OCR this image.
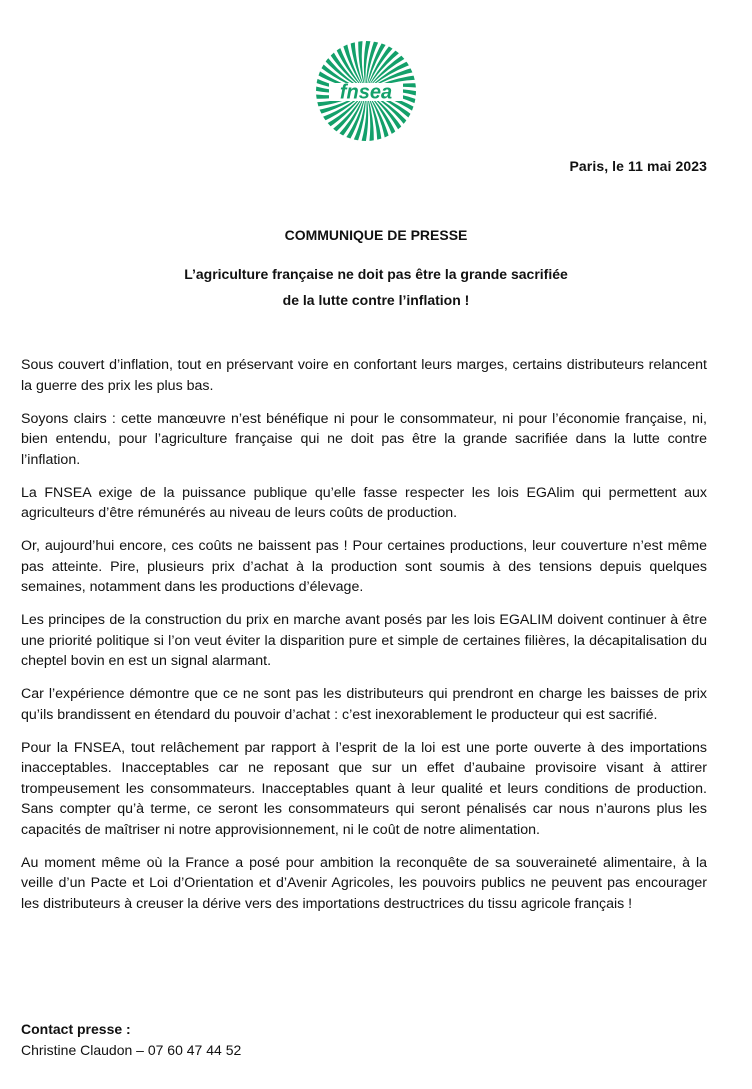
fnsea
Paris, le 11 mai 2023
COMMUNIQUE DE PRESSE
L’agriculture française ne doit pas être la grande sacrifiée
de la lutte contre l’inflation !

Sous couvert d’inflation, tout en préservant voire en confortant leurs marges, certains distributeurs relancent la guerre des prix les plus bas.

Soyons clairs : cette manœuvre n’est bénéfique ni pour le consommateur, ni pour l’économie française, ni, bien entendu, pour l’agriculture française qui ne doit pas être la grande sacrifiée dans la lutte contre l’inflation.

La FNSEA exige de la puissance publique qu’elle fasse respecter les lois EGAlim qui permettent aux agriculteurs d’être rémunérés au niveau de leurs coûts de production.

Or, aujourd’hui encore, ces coûts ne baissent pas ! Pour certaines productions, leur couverture n’est même pas atteinte. Pire, plusieurs prix d’achat à la production sont soumis à des tensions depuis quelques semaines, notamment dans les productions d’élevage.

Les principes de la construction du prix en marche avant posés par les lois EGALIM doivent continuer à être une priorité politique si l’on veut éviter la disparition pure et simple de certaines filières, la décapitalisation du cheptel bovin en est un signal alarmant.

Car l’expérience démontre que ce ne sont pas les distributeurs qui prendront en charge les baisses de prix qu’ils brandissent en étendard du pouvoir d’achat : c’est inexorablement le producteur qui est sacrifié.

Pour la FNSEA, tout relâchement par rapport à l’esprit de la loi est une porte ouverte à des importations inacceptables. Inacceptables car ne reposant que sur un effet d’aubaine provisoire visant à attirer trompeusement les consommateurs. Inacceptables quant à leur qualité et leurs conditions de production. Sans compter qu’à terme, ce seront les consommateurs qui seront pénalisés car nous n’aurons plus les capacités de maîtriser ni notre approvisionnement, ni le coût de notre alimentation.

Au moment même où la France a posé pour ambition la reconquête de sa souveraineté alimentaire, à la veille d’un Pacte et Loi d’Orientation et d’Avenir Agricoles, les pouvoirs publics ne peuvent pas encourager les distributeurs à creuser la dérive vers des importations destructrices du tissu agricole français !

Contact presse :
Christine Claudon – 07 60 47 44 52
